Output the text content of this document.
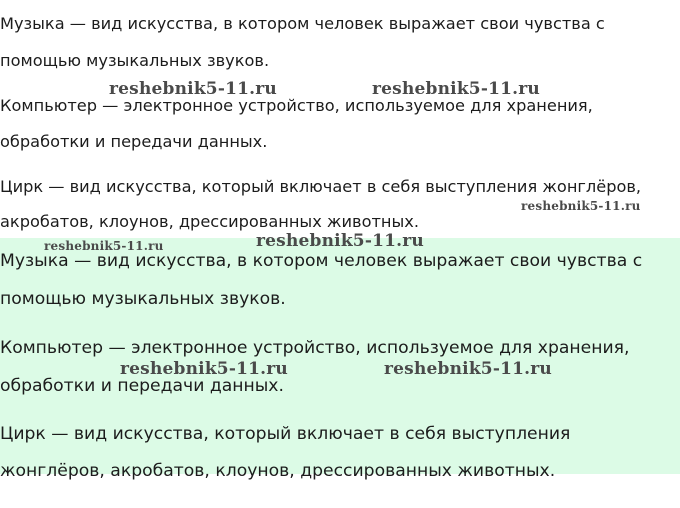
Музыка — вид искусства, в котором человек выражает свои чувства с

помощью музыкальных звуков.

Компьютер — электронное устройство, используемое для хранения,

обработки и передачи данных.

Цирк — вид искусства, который включает в себя выступления жонглёров,

акробатов, клоунов, дрессированных животных.

Музыка — вид искусства, в котором человек выражает свои чувства с

помощью музыкальных звуков.

Компьютер — электронное устройство, используемое для хранения,

обработки и передачи данных.

Цирк — вид искусства, который включает в себя выступления

жонглёров, акробатов, клоунов, дрессированных животных.

reshebnik5-11.ru	reshebnik5-11.ru
reshebnik5-11.ru
reshebnik5-11.ru	reshebnik5-11.ru
reshebnik5-11.ru	reshebnik5-11.ru
